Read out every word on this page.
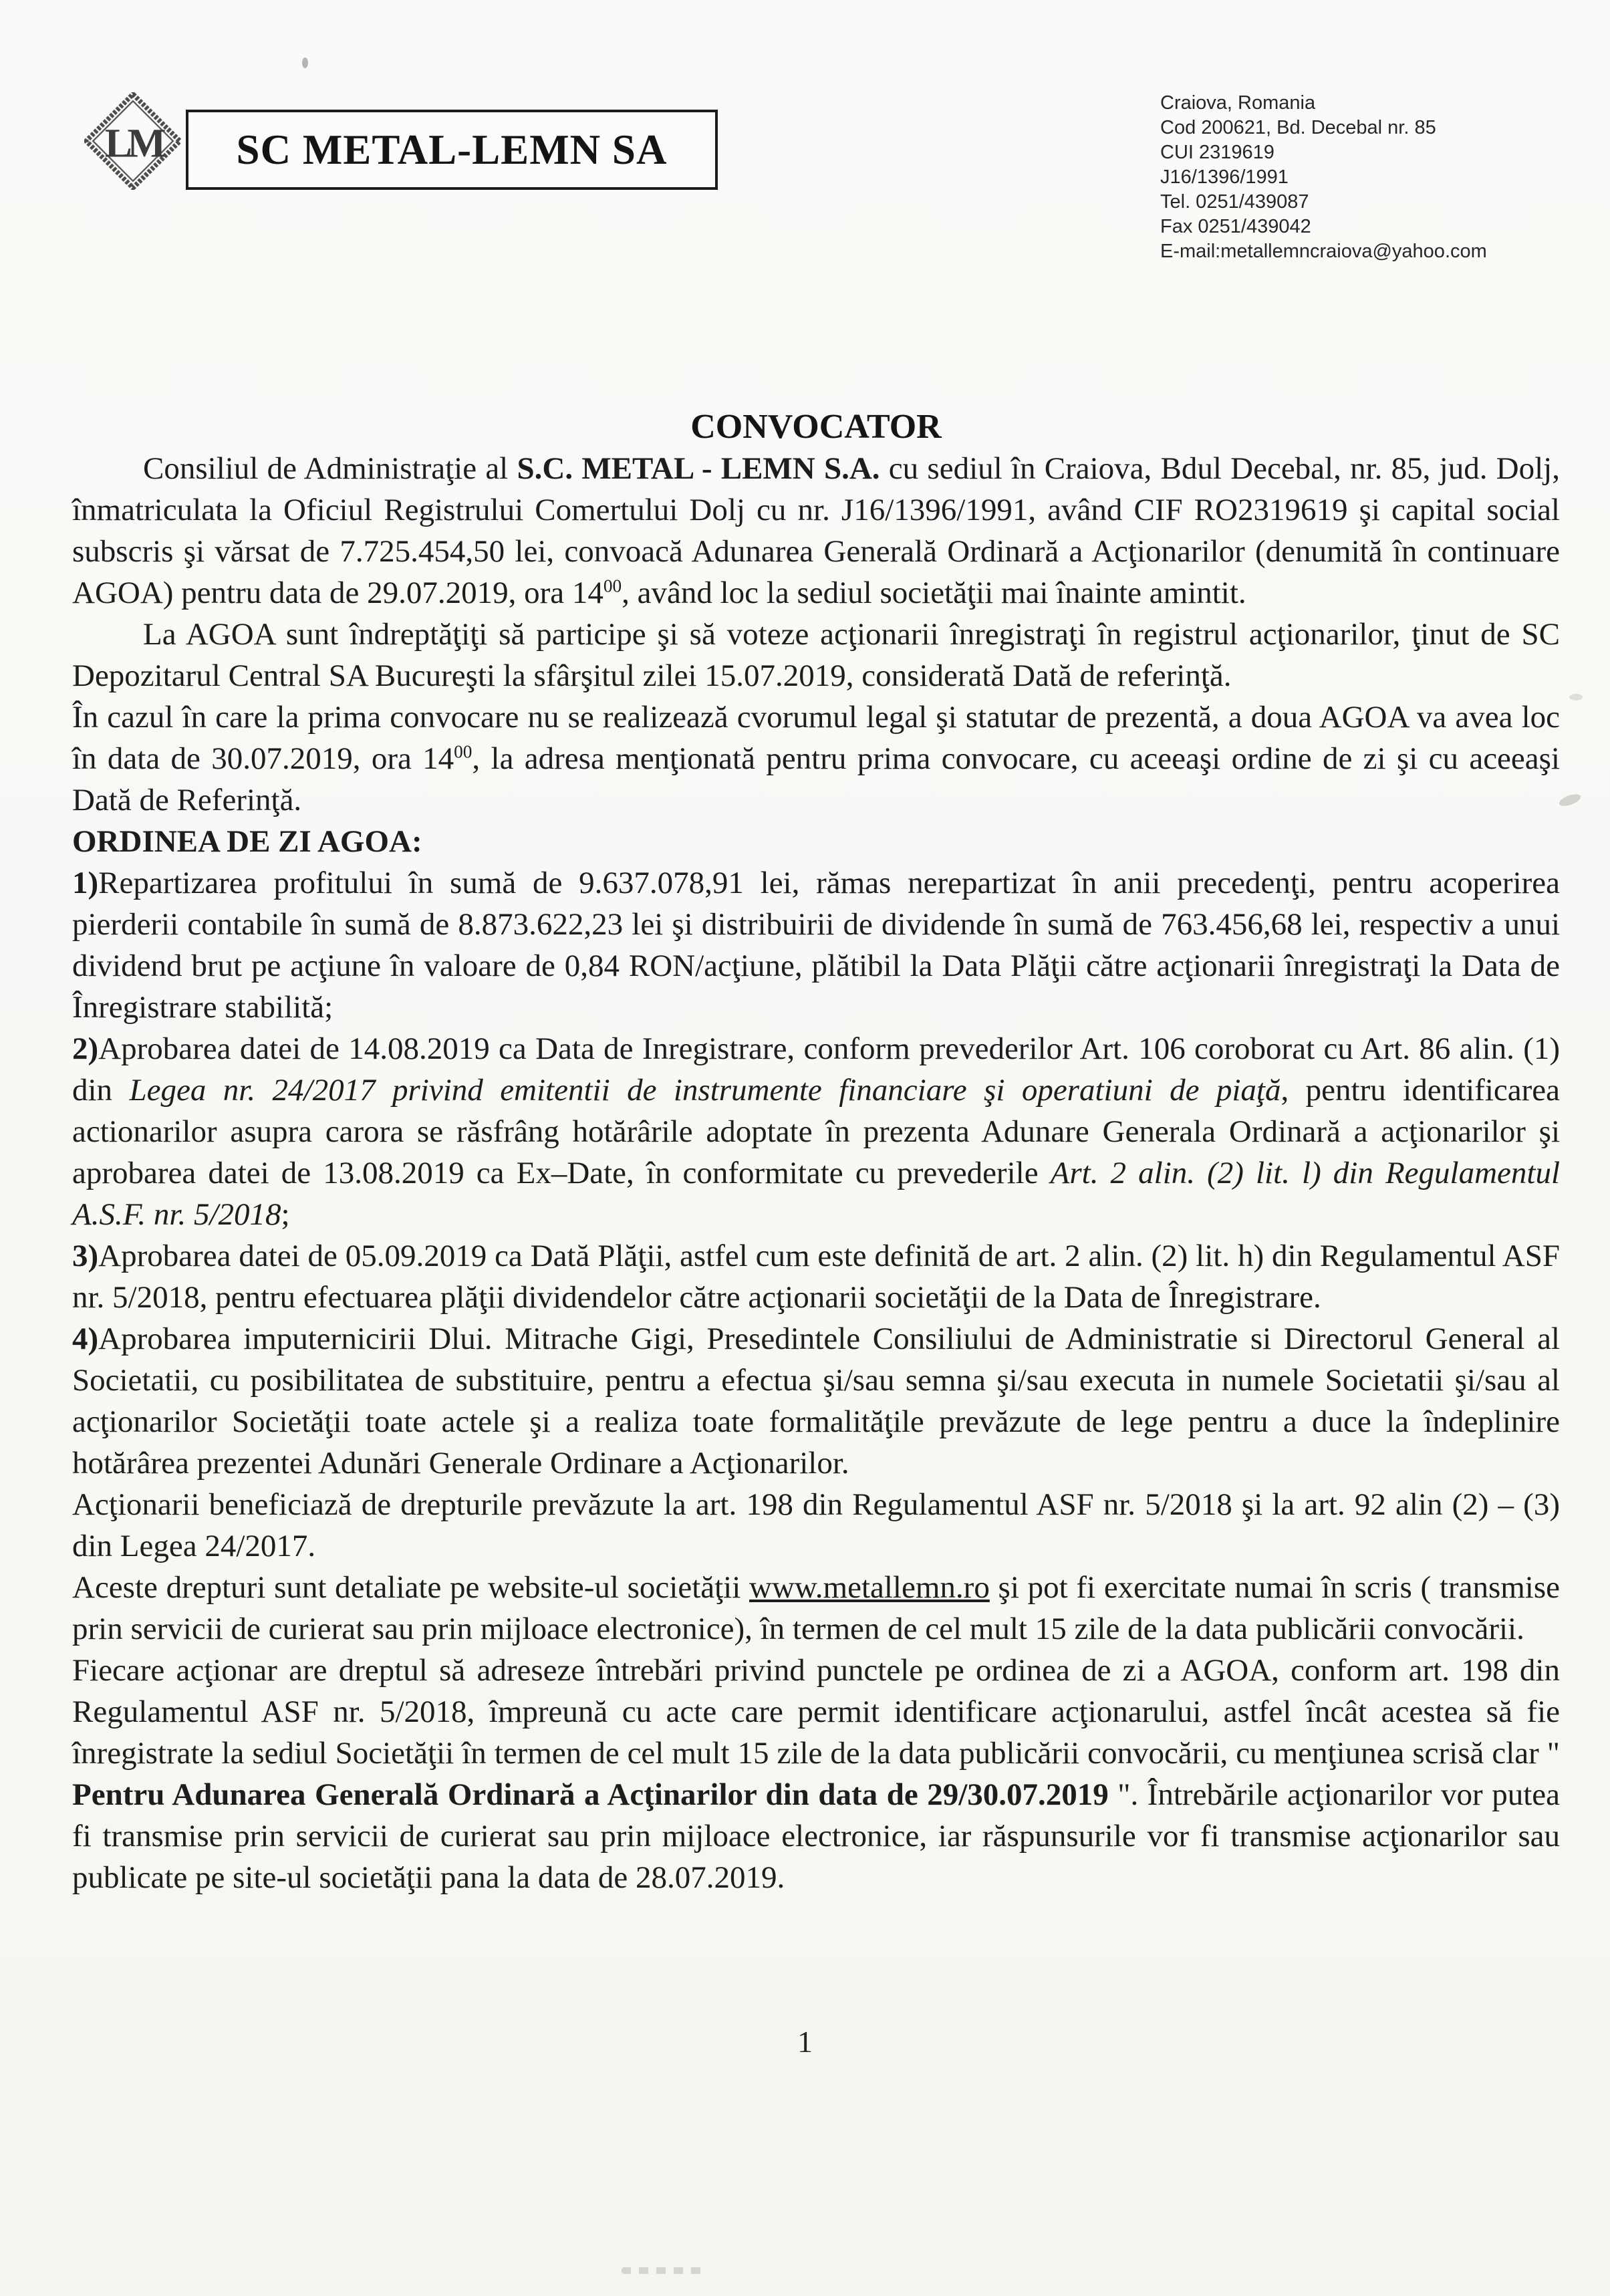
LM SC METAL-LEMN SA
Craiova, Romania
Cod 200621, Bd. Decebal nr. 85
CUI 2319619
J16/1396/1991
Tel. 0251/439087
Fax 0251/439042
E-mail:metallemncraiova@yahoo.com
CONVOCATOR

Consiliul de Administraţie al S.C. METAL - LEMN S.A. cu sediul în Craiova, Bdul Decebal, nr. 85, jud. Dolj, înmatriculata la Oficiul Registrului Comertului Dolj cu nr. J16/1396/1991, având CIF RO2319619 şi capital social subscris şi vărsat de 7.725.454,50 lei, convoacă Adunarea Generală Ordinară a Acţionarilor (denumită în continuare AGOA) pentru data de 29.07.2019, ora $14^{00}$, având loc la sediul societăţii mai înainte amintit.

La AGOA sunt îndreptăţiţi să participe şi să voteze acţionarii înregistraţi în registrul acţionarilor, ţinut de SC Depozitarul Central SA Bucureşti la sfârşitul zilei 15.07.2019, considerată Dată de referinţă.

În cazul în care la prima convocare nu se realizează cvorumul legal şi statutar de prezentă, a doua AGOA va avea loc în data de 30.07.2019, ora $14^{00}$, la adresa menţionată pentru prima convocare, cu aceeaşi ordine de zi şi cu aceeaşi Dată de Referinţă.

ORDINEA DE ZI AGOA:

1)Repartizarea profitului în sumă de 9.637.078,91 lei, rămas nerepartizat în anii precedenţi, pentru acoperirea pierderii contabile în sumă de 8.873.622,23 lei şi distribuirii de dividende în sumă de 763.456,68 lei, respectiv a unui dividend brut pe acţiune în valoare de 0,84 RON/acţiune, plătibil la Data Plăţii către acţionarii înregistraţi la Data de Înregistrare stabilită;

2)Aprobarea datei de 14.08.2019 ca Data de Inregistrare, conform prevederilor Art. 106 coroborat cu Art. 86 alin. (1) din Legea nr. 24/2017 privind emitentii de instrumente financiare şi operatiuni de piaţă, pentru identificarea actionarilor asupra carora se răsfrâng hotărârile adoptate în prezenta Adunare Generala Ordinară a acţionarilor şi aprobarea datei de 13.08.2019 ca Ex–Date, în conformitate cu prevederile Art. 2 alin. (2) lit. l) din Regulamentul A.S.F. nr. 5/2018;

3)Aprobarea datei de 05.09.2019 ca Dată Plăţii, astfel cum este definită de art. 2 alin. (2) lit. h) din Regulamentul ASF nr. 5/2018, pentru efectuarea plăţii dividendelor către acţionarii societăţii de la Data de Înregistrare.

4)Aprobarea imputernicirii Dlui. Mitrache Gigi, Presedintele Consiliului de Administratie si Directorul General al Societatii, cu posibilitatea de substituire, pentru a efectua şi/sau semna şi/sau executa in numele Societatii şi/sau al acţionarilor Societăţii toate actele şi a realiza toate formalităţile prevăzute de lege pentru a duce la îndeplinire hotărârea prezentei Adunări Generale Ordinare a Acţionarilor.

Acţionarii beneficiază de drepturile prevăzute la art. 198 din Regulamentul ASF nr. 5/2018 şi la art. 92 alin (2) – (3) din Legea 24/2017.

Aceste drepturi sunt detaliate pe website-ul societăţii www.metallemn.ro şi pot fi exercitate numai în scris ( transmise prin servicii de curierat sau prin mijloace electronice), în termen de cel mult 15 zile de la data publicării convocării.

Fiecare acţionar are dreptul să adreseze întrebări privind punctele pe ordinea de zi a AGOA, conform art. 198 din Regulamentul ASF nr. 5/2018, împreună cu acte care permit identificare acţionarului, astfel încât acestea să fie înregistrate la sediul Societăţii în termen de cel mult 15 zile de la data publicării convocării, cu menţiunea scrisă clar " Pentru Adunarea Generală Ordinară a Acţinarilor din data de 29/30.07.2019 ". Întrebările acţionarilor vor putea fi transmise prin servicii de curierat sau prin mijloace electronice, iar răspunsurile vor fi transmise acţionarilor sau publicate pe site-ul societăţii pana la data de 28.07.2019.

1
